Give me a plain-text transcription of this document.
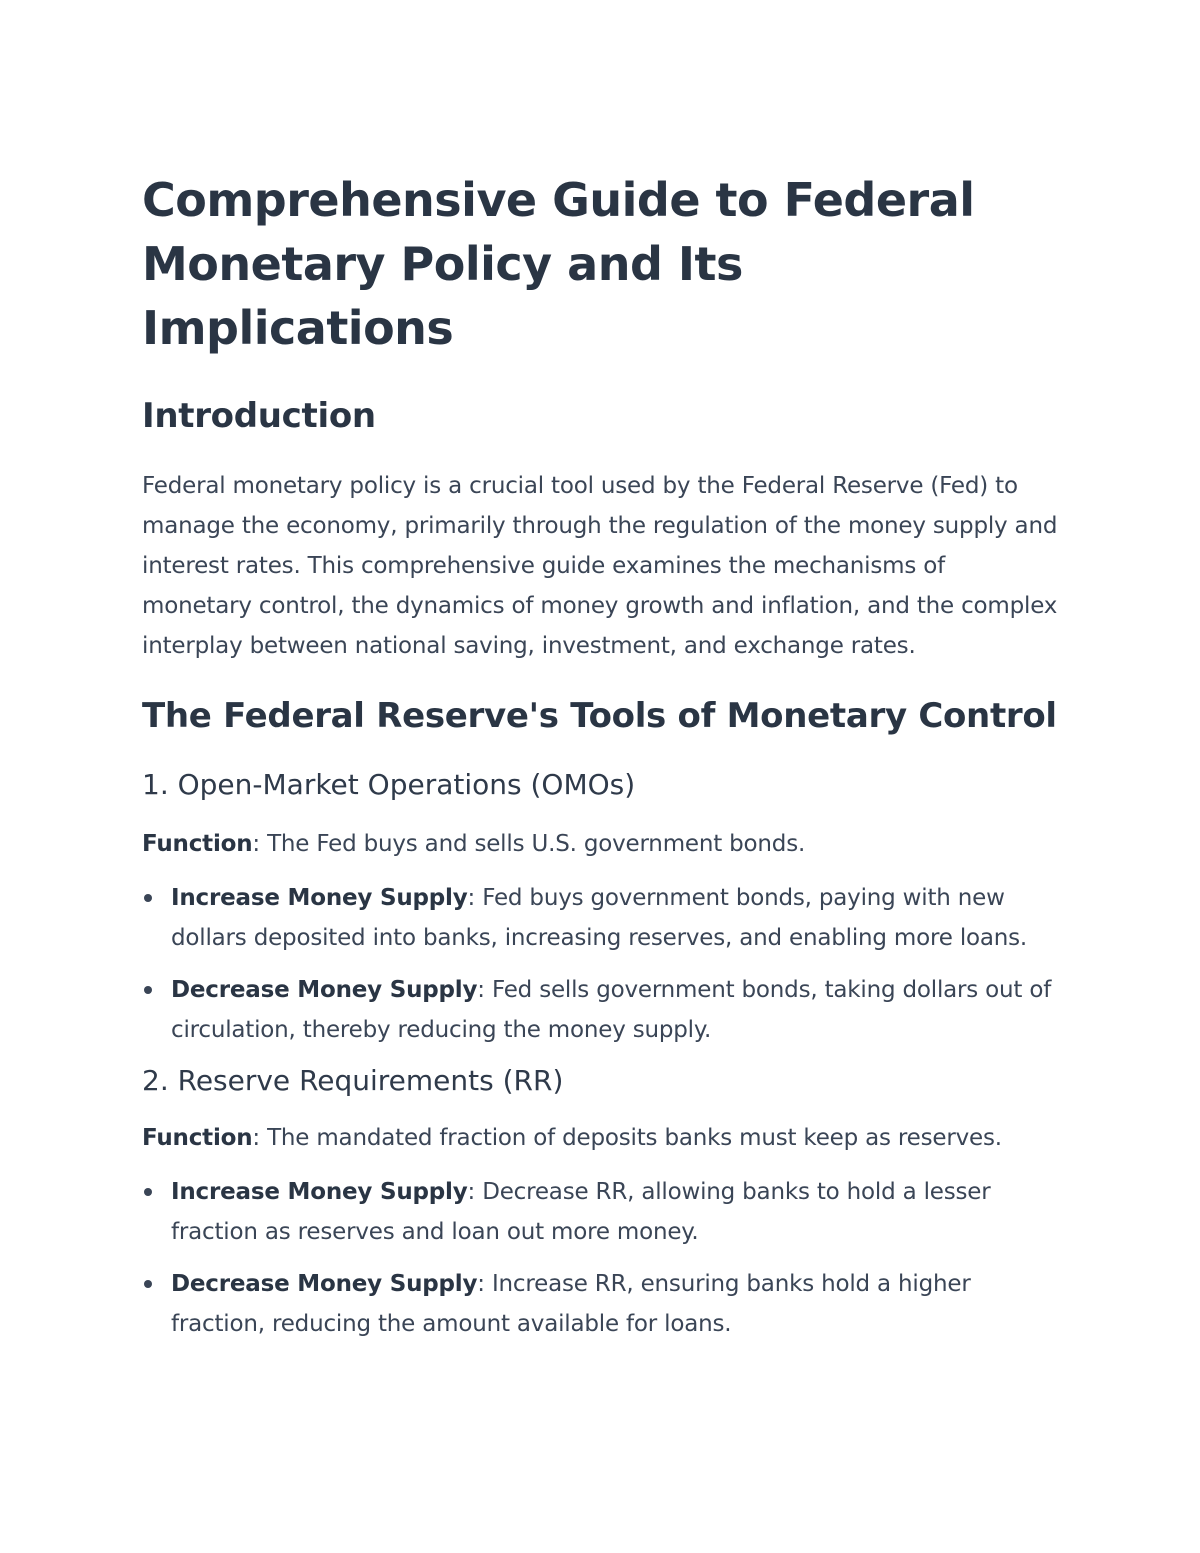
Comprehensive Guide to Federal Monetary Policy and Its Implications
Introduction

Federal monetary policy is a crucial tool used by the Federal Reserve (Fed) to manage the economy, primarily through the regulation of the money supply and interest rates. This comprehensive guide examines the mechanisms of monetary control, the dynamics of money growth and inflation, and the complex interplay between national saving, investment, and exchange rates.

The Federal Reserve's Tools of Monetary Control
1. Open-Market Operations (OMOs)

Function: The Fed buys and sells U.S. government bonds.

Increase Money Supply: Fed buys government bonds, paying with new dollars deposited into banks, increasing reserves, and enabling more loans.
Decrease Money Supply: Fed sells government bonds, taking dollars out of circulation, thereby reducing the money supply.
2. Reserve Requirements (RR)

Function: The mandated fraction of deposits banks must keep as reserves.

Increase Money Supply: Decrease RR, allowing banks to hold a lesser fraction as reserves and loan out more money.
Decrease Money Supply: Increase RR, ensuring banks hold a higher fraction, reducing the amount available for loans.
